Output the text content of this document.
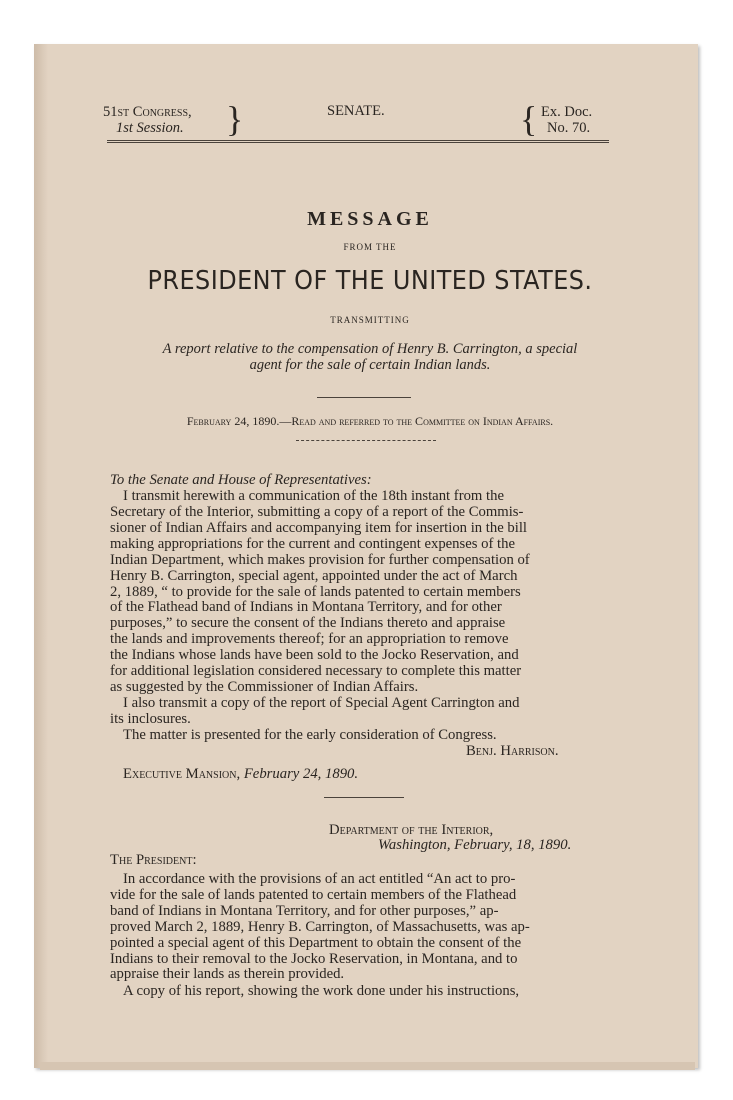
51st Congress,
1st Session. }	SENATE.	{ Ex. Doc.
No. 70.
MESSAGE
FROM THE
PRESIDENT OF THE UNITED STATES.
TRANSMITTING
A report relative to the compensation of Henry B. Carrington, a special
agent for the sale of certain Indian lands.
February 24, 1890.—Read and referred to the Committee on Indian Affairs.
To the Senate and House of Representatives:
I transmit herewith a communication of the 18th instant from the
Secretary of the Interior, submitting a copy of a report of the Commis-
sioner of Indian Affairs and accompanying item for insertion in the bill
making appropriations for the current and contingent expenses of the
Indian Department, which makes provision for further compensation of
Henry B. Carrington, special agent, appointed under the act of March
2, 1889, “ to provide for the sale of lands patented to certain members
of the Flathead band of Indians in Montana Territory, and for other
purposes,” to secure the consent of the Indians thereto and appraise
the lands and improvements thereof; for an appropriation to remove
the Indians whose lands have been sold to the Jocko Reservation, and
for additional legislation considered necessary to complete this matter
as suggested by the Commissioner of Indian Affairs.
I also transmit a copy of the report of Special Agent Carrington and
its inclosures.
The matter is presented for the early consideration of Congress.
Benj. Harrison.
Executive Mansion, February 24, 1890.
Department of the Interior,
Washington, February, 18, 1890.
The President:
In accordance with the provisions of an act entitled “An act to pro-
vide for the sale of lands patented to certain members of the Flathead
band of Indians in Montana Territory, and for other purposes,” ap-
proved March 2, 1889, Henry B. Carrington, of Massachusetts, was ap-
pointed a special agent of this Department to obtain the consent of the
Indians to their removal to the Jocko Reservation, in Montana, and to
appraise their lands as therein provided.
A copy of his report, showing the work done under his instructions,
